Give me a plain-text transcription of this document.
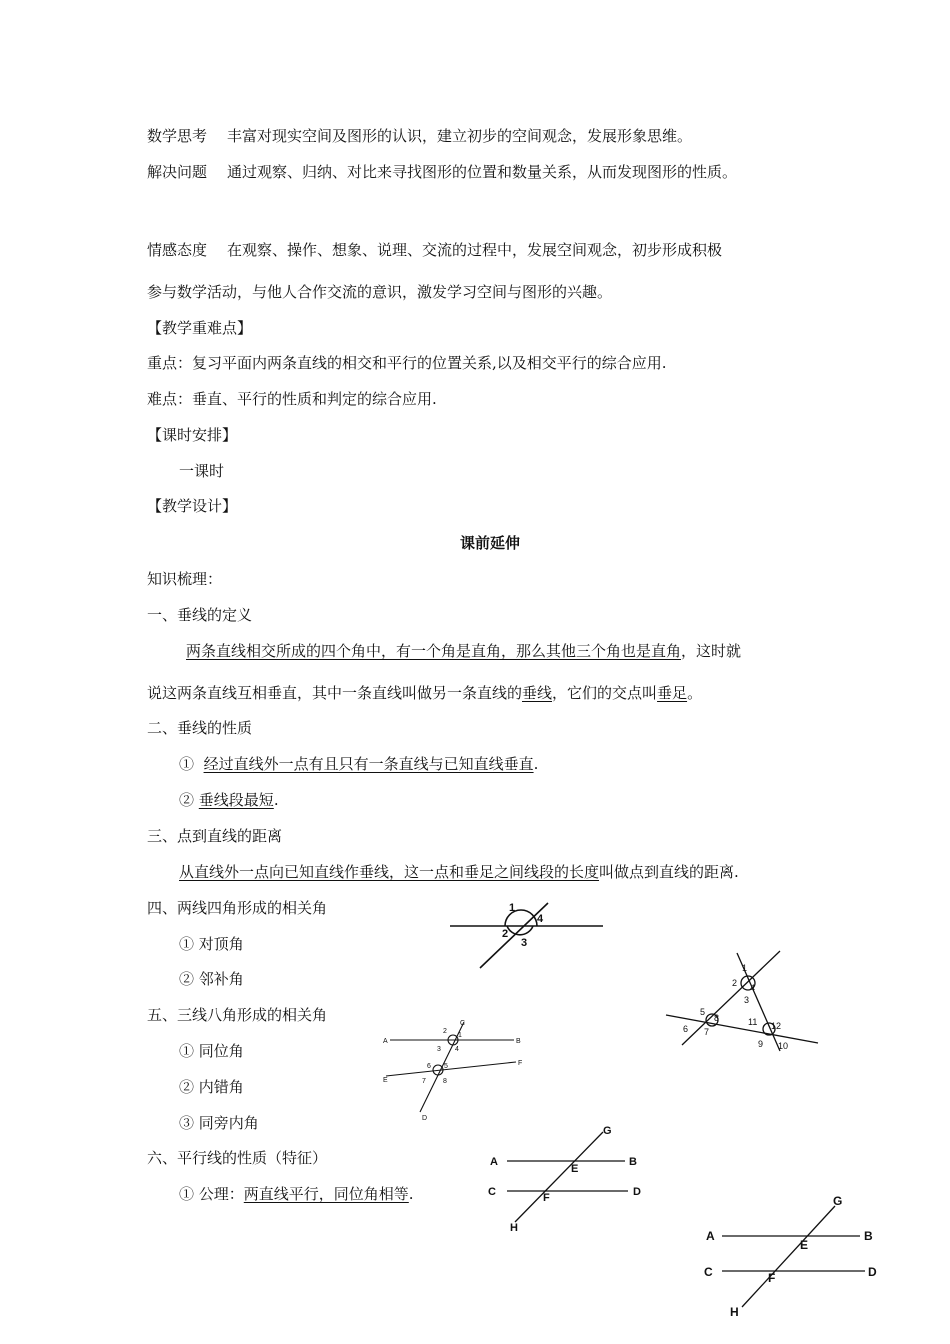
数学思考 丰富对现实空间及图形的认识，建立初步的空间观念，发展形象思维。
解决问题 通过观察、归纳、对比来寻找图形的位置和数量关系，从而发现图形的性质。
情感态度 在观察、操作、想象、说理、交流的过程中，发展空间观念，初步形成积极
参与数学活动，与他人合作交流的意识，激发学习空间与图形的兴趣。
【教学重难点】
重点：复习平面内两条直线的相交和平行的位置关系,以及相交平行的综合应用.
难点：垂直、平行的性质和判定的综合应用.
【课时安排】
一课时
【教学设计】
课前延伸
知识梳理：
一、垂线的定义
两条直线相交所成的四个角中，有一个角是直角，那么其他三个角也是直角，这时就
说这两条直线互相垂直，其中一条直线叫做另一条直线的垂线，它们的交点叫垂足。
二、垂线的性质
① 经过直线外一点有且只有一条直线与已知直线垂直.
② 垂线段最短.
三、点到直线的距离
从直线外一点向已知直线作垂线，这一点和垂足之间线段的长度叫做点到直线的距离.
四、两线四角形成的相关角
① 对顶角
② 邻补角
五、三线八角形成的相关角
① 同位角
② 内错角
③ 同旁内角
六、平行线的性质（特征）
① 公理：两直线平行，同位角相等.
1
2
3
4
1
2
3
4
5
6 7
8
9 10
11 12
A	B
C
D
E
F
1
2
3 4
5
6
7 8
A	B
C	D
E
F
G
H
A	B
C	D
E
F
G
H
